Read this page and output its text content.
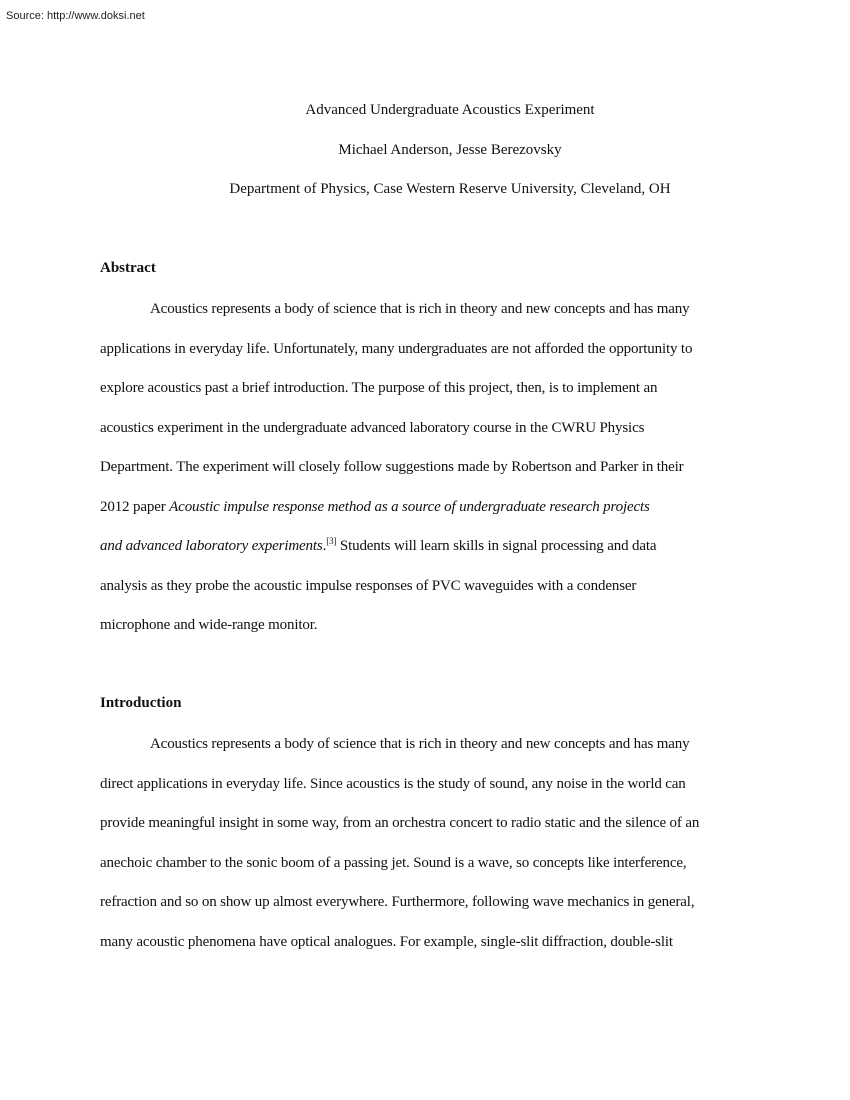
Source: http://www.doksi.net
Advanced Undergraduate Acoustics Experiment
Michael Anderson, Jesse Berezovsky
Department of Physics, Case Western Reserve University, Cleveland, OH
Abstract
Acoustics represents a body of science that is rich in theory and new concepts and has many
applications in everyday life. Unfortunately, many undergraduates are not afforded the opportunity to
explore acoustics past a brief introduction. The purpose of this project, then, is to implement an
acoustics experiment in the undergraduate advanced laboratory course in the CWRU Physics
Department. The experiment will closely follow suggestions made by Robertson and Parker in their
2012 paper Acoustic impulse response method as a source of undergraduate research projects
and advanced laboratory experiments.[3] Students will learn skills in signal processing and data
analysis as they probe the acoustic impulse responses of PVC waveguides with a condenser
microphone and wide-range monitor.
Introduction
Acoustics represents a body of science that is rich in theory and new concepts and has many
direct applications in everyday life. Since acoustics is the study of sound, any noise in the world can
provide meaningful insight in some way, from an orchestra concert to radio static and the silence of an
anechoic chamber to the sonic boom of a passing jet. Sound is a wave, so concepts like interference,
refraction and so on show up almost everywhere. Furthermore, following wave mechanics in general,
many acoustic phenomena have optical analogues. For example, single-slit diffraction, double-slit
